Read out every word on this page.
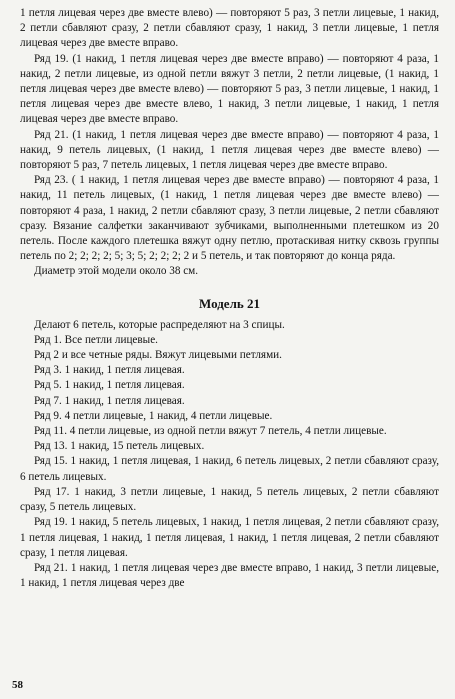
1 петля лицевая через две вместе влево) — повторяют 5 раз, 3 петли лицевые, 1 накид, 2 петли сбавляют сразу, 2 петли сбавляют сразу, 1 накид, 3 петли лицевые, 1 петля лицевая через две вместе вправо.

Ряд 19. (1 накид, 1 петля лицевая через две вместе вправо) — повторяют 4 раза, 1 накид, 2 петли лицевые, из одной петли вяжут 3 петли, 2 петли лицевые, (1 накид, 1 петля лицевая через две вместе влево) — повторяют 5 раз, 3 петли лицевые, 1 накид, 1 петля лицевая через две вместе влево, 1 накид, 3 петли лицевые, 1 накид, 1 петля лицевая через две вместе вправо.

Ряд 21. (1 накид, 1 петля лицевая через две вместе вправо) — повторяют 4 раза, 1 накид, 9 петель лицевых, (1 накид, 1 петля лицевая через две вместе влево) — повторяют 5 раз, 7 петель лицевых, 1 петля лицевая через две вместе вправо.

Ряд 23. ( 1 накид, 1 петля лицевая через две вместе вправо) — повторяют 4 раза, 1 накид, 11 петель лицевых, (1 накид, 1 петля лицевая через две вместе влево) — повторяют 4 раза, 1 накид, 2 петли сбавляют сразу, 3 петли лицевые, 2 петли сбавляют сразу. Вязание салфетки заканчивают зубчиками, выполненными плетешком из 20 петель. После каждого плетешка вяжут одну петлю, протаскивая нитку сквозь группы петель по 2; 2; 2; 2; 5; 3; 5; 2; 2; 2; 2 и 5 петель, и так повторяют до конца ряда.

Диаметр этой модели около 38 см.

Модель 21

Делают 6 петель, которые распределяют на 3 спицы.

Ряд 1. Все петли лицевые.

Ряд 2 и все четные ряды. Вяжут лицевыми петлями.

Ряд 3. 1 накид, 1 петля лицевая.

Ряд 5. 1 накид, 1 петля лицевая.

Ряд 7. 1 накид, 1 петля лицевая.

Ряд 9. 4 петли лицевые, 1 накид, 4 петли лицевые.

Ряд 11. 4 петли лицевые, из одной петли вяжут 7 петель, 4 петли лицевые.

Ряд 13. 1 накид, 15 петель лицевых.

Ряд 15. 1 накид, 1 петля лицевая, 1 накид, 6 петель лицевых, 2 петли сбавляют сразу, 6 петель лицевых.

Ряд 17. 1 накид, 3 петли лицевые, 1 накид, 5 петель лицевых, 2 петли сбавляют сразу, 5 петель лицевых.

Ряд 19. 1 накид, 5 петель лицевых, 1 накид, 1 петля лицевая, 2 петли сбавляют сразу, 1 петля лицевая, 1 накид, 1 петля лицевая, 1 накид, 1 петля лицевая, 2 петли сбавляют сразу, 1 петля лицевая.

Ряд 21. 1 накид, 1 петля лицевая через две вместе вправо, 1 накид, 3 петли лицевые, 1 накид, 1 петля лицевая через две

58
